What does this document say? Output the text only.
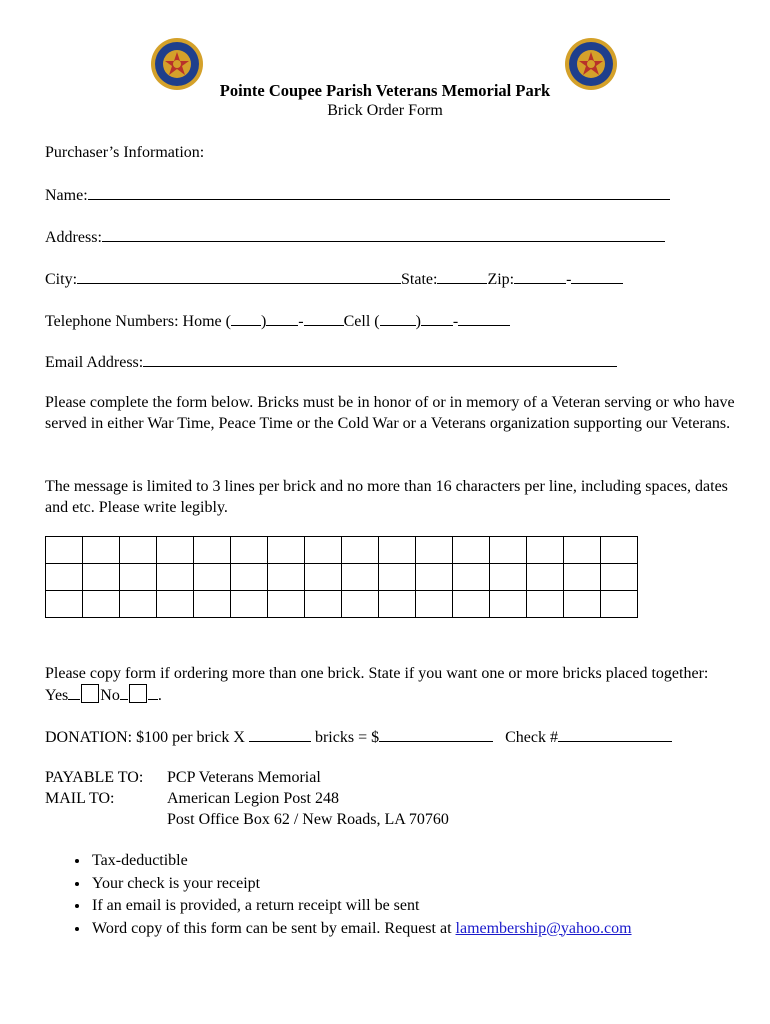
Pointe Coupee Parish Veterans Memorial Park
Brick Order Form
Purchaser’s Information:
Name:
Address:
City:	State:	Zip:	-
Telephone Numbers: Home ( ) -	Cell ( ) -
Email Address:
Please complete the form below. Bricks must be in honor of or in memory of a Veteran serving or who have served in either War Time, Peace Time or the Cold War or a Veterans organization supporting our Veterans.
The message is limited to 3 lines per brick and no more than 16 characters per line, including spaces, dates and etc. Please write legibly.

Please copy form if ordering more than one brick. State if you want one or more bricks placed together: Yes No .
DONATION: $100 per brick X	bricks = $	Check #
PAYABLE TO: PCP Veterans Memorial
MAIL TO:	American Legion Post 248
Post Office Box 62 / New Roads, LA 70760
• Tax-deductible
• Your check is your receipt
• If an email is provided, a return receipt will be sent
• Word copy of this form can be sent by email. Request at lamembership@yahoo.com
